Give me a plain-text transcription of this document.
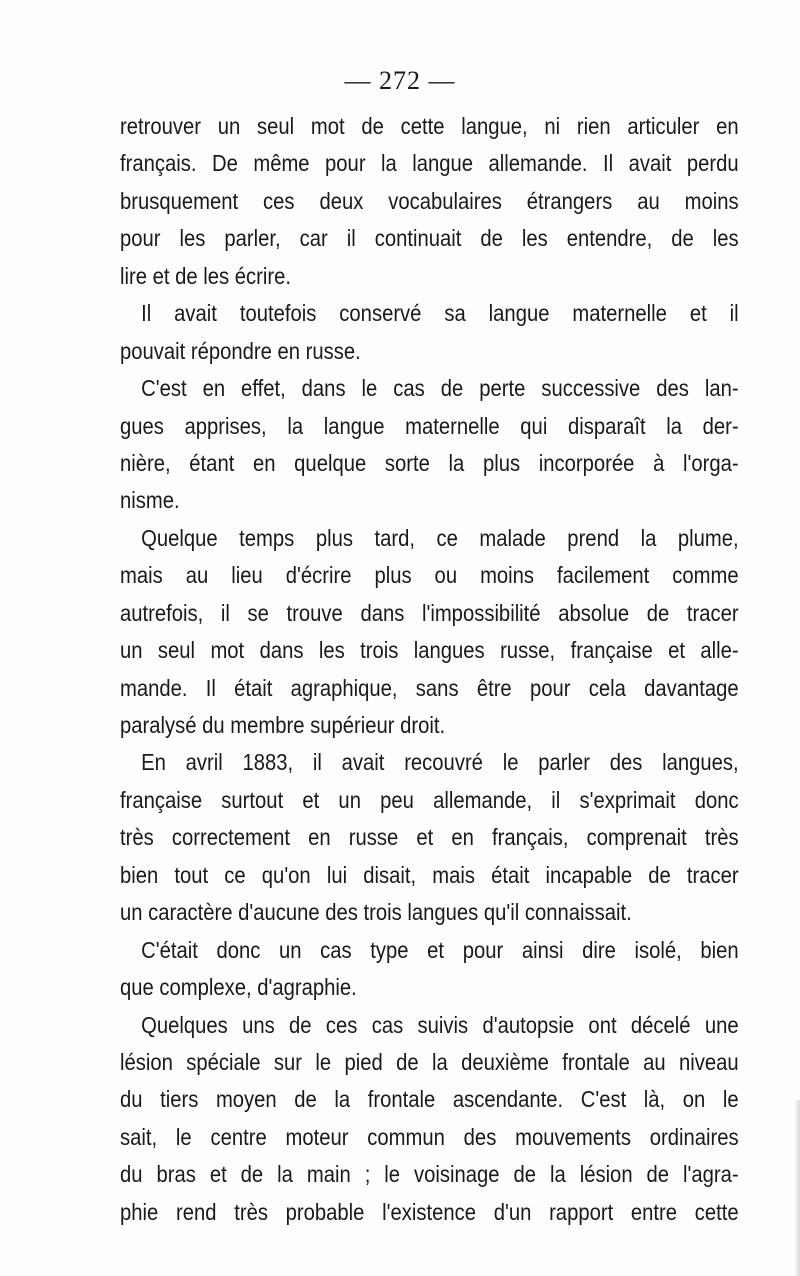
— 272 —
retrouver un seul mot de cette langue, ni rien articuler en
français. De même pour la langue allemande. Il avait perdu
brusquement ces deux vocabulaires étrangers au moins
pour les parler, car il continuait de les entendre, de les
lire et de les écrire.
Il avait toutefois conservé sa langue maternelle et il
pouvait répondre en russe.
C'est en effet, dans le cas de perte successive des lan-
gues apprises, la langue maternelle qui disparaît la der-
nière, étant en quelque sorte la plus incorporée à l'orga-
nisme.
Quelque temps plus tard, ce malade prend la plume,
mais au lieu d'écrire plus ou moins facilement comme
autrefois, il se trouve dans l'impossibilité absolue de tracer
un seul mot dans les trois langues russe, française et alle-
mande. Il était agraphique, sans être pour cela davantage
paralysé du membre supérieur droit.
En avril 1883, il avait recouvré le parler des langues,
française surtout et un peu allemande, il s'exprimait donc
très correctement en russe et en français, comprenait très
bien tout ce qu'on lui disait, mais était incapable de tracer
un caractère d'aucune des trois langues qu'il connaissait.
C'était donc un cas type et pour ainsi dire isolé, bien
que complexe, d'agraphie.
Quelques uns de ces cas suivis d'autopsie ont décelé une
lésion spéciale sur le pied de la deuxième frontale au niveau
du tiers moyen de la frontale ascendante. C'est là, on le
sait, le centre moteur commun des mouvements ordinaires
du bras et de la main ; le voisinage de la lésion de l'agra-
phie rend très probable l'existence d'un rapport entre cette
